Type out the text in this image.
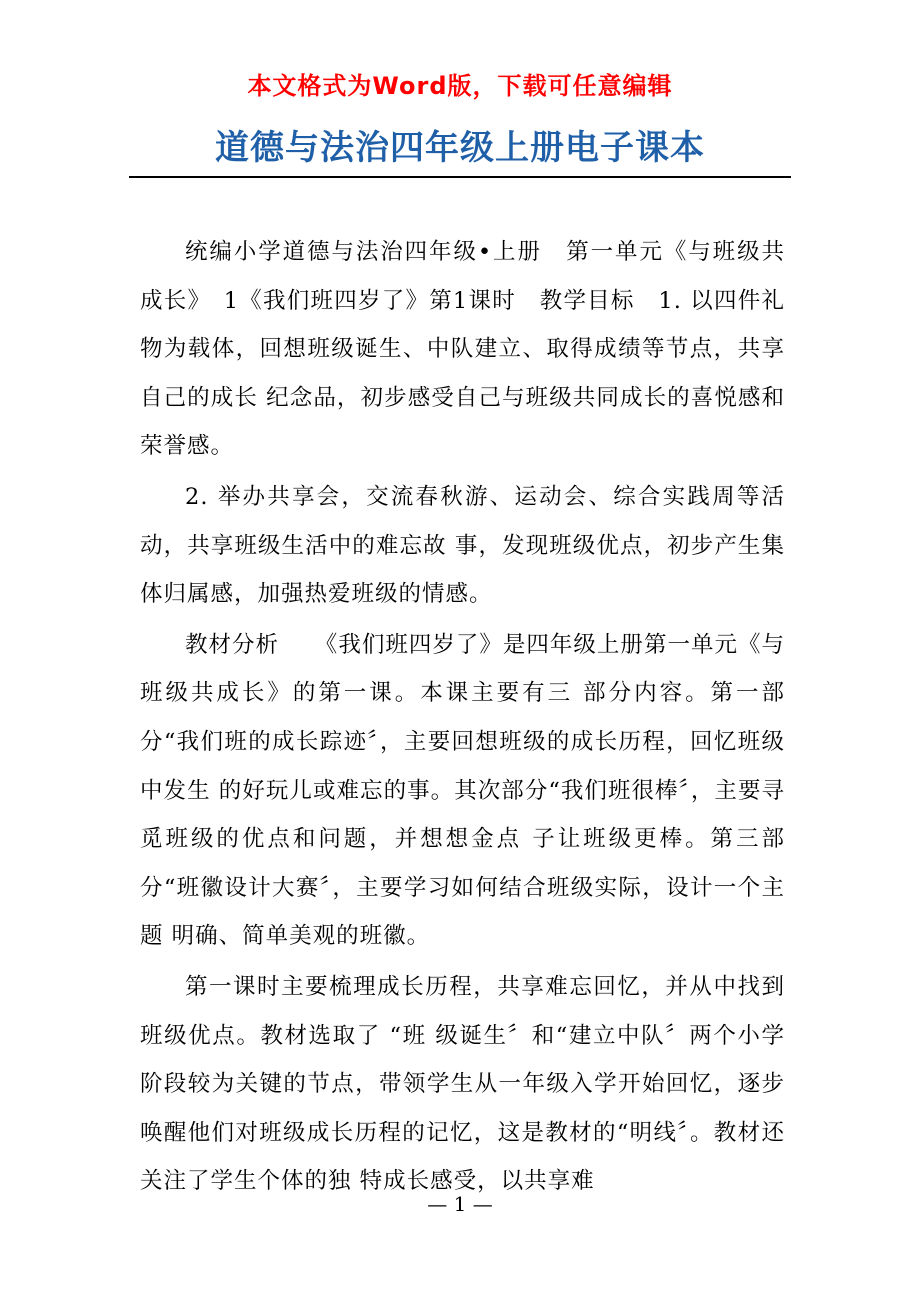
本文格式为Word版，下载可任意编辑
道德与法治四年级上册电子课本

统编小学道德与法治四年级•上册　第一单元《与班级共成长》　1《我们班四岁了》第1课时　教学目标　1. 以四件礼物为载体，回想班级诞生、中队建立、取得成绩等节点，共享自己的成长 纪念品，初步感受自己与班级共同成长的喜悦感和荣誉感。

2. 举办共享会，交流春秋游、运动会、综合实践周等活动，共享班级生活中的难忘故 事，发现班级优点，初步产生集体归属感，加强热爱班级的情感。

教材分析　　《我们班四岁了》是四年级上册第一单元《与班级共成长》的第一课。本课主要有三 部分内容。第一部分“我们班的成长踪迹〞，主要回想班级的成长历程，回忆班级中发生 的好玩儿或难忘的事。其次部分“我们班很棒〞，主要寻觅班级的优点和问题，并想想金点 子让班级更棒。第三部分“班徽设计大赛〞，主要学习如何结合班级实际，设计一个主题 明确、简单美观的班徽。

第一课时主要梳理成长历程，共享难忘回忆，并从中找到班级优点。教材选取了 “班 级诞生〞和“建立中队〞两个小学阶段较为关键的节点，带领学生从一年级入学开始回忆，逐步唤醒他们对班级成长历程的记忆，这是教材的“明线〞。教材还关注了学生个体的独 特成长感受，以共享难

— 1 —
